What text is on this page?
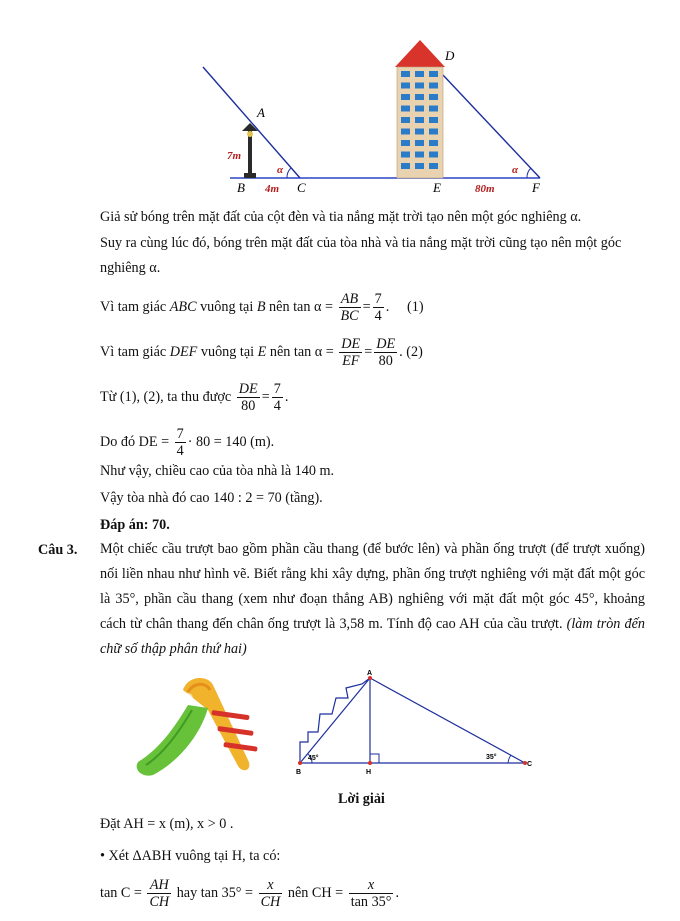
A
B	C
D
E	F
7m
4m	80m
α	α
Giả sử bóng trên mặt đất của cột đèn và tia nắng mặt trời tạo nên một góc nghiêng α.
Suy ra cùng lúc đó, bóng trên mặt đất của tòa nhà và tia nắng mặt trời cũng tạo nên một góc
nghiêng α.
Vì tam giác ABC vuông tại B nên $\tan \alpha = \frac{AB}{BC} = \frac{7}{4}$ .     (1)
Vì tam giác DEF vuông tại E nên $\tan \alpha = \frac{DE}{EF} = \frac{DE}{80}$ . (2)
Từ (1), (2), ta thu được $\frac{DE}{80} = \frac{7}{4}$ .
Do đó DE = $\frac{7}{4} \cdot 80 = 140$ (m).
Như vậy, chiều cao của tòa nhà là 140 m.
Vậy tòa nhà đó cao 140 : 2 = 70 (tầng).
Đáp án: 70.
Câu 3. Một chiếc cầu trượt bao gồm phần cầu thang (để bước lên) và phần ống trượt (để trượt xuống) nối liền nhau như hình vẽ. Biết rằng khi xây dựng, phần ống trượt nghiêng với mặt đất một góc là 35°, phần cầu thang (xem như đoạn thẳng AB) nghiêng với mặt đất một góc 45°, khoảng cách từ chân thang đến chân ống trượt là 3,58 m. Tính độ cao AH của cầu trượt. (làm tròn đến chữ số thập phân thứ hai)
A
B	H
C
45°	35°
Lời giải
Đặt AH = x (m), x > 0 .
• Xét ΔABH vuông tại H, ta có:
$\tan C = \frac{AH}{CH}$ hay $\tan 35^\circ = \frac{x}{CH}$ nên CH = $\frac{x}{\tan 35^\circ}$ .
